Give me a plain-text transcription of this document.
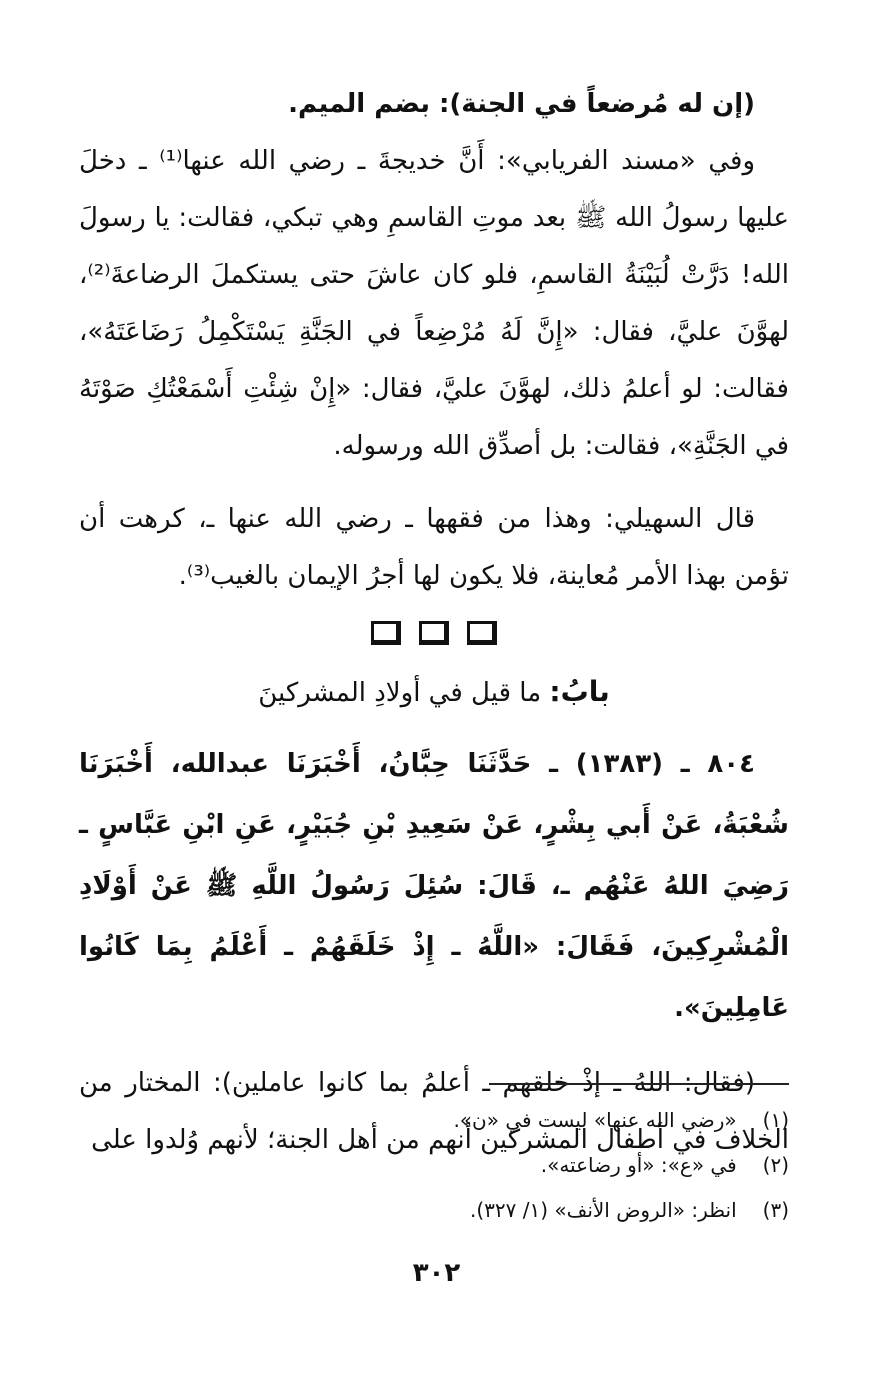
(إن له مُرضعاً في الجنة): بضم الميم.

وفي «مسند الفريابي»: أَنَّ خديجةَ ـ رضي الله عنها⁽¹⁾ ـ دخلَ عليها رسولُ الله ﷺ بعد موتِ القاسمِ وهي تبكي، فقالت: يا رسولَ الله! دَرَّتْ لُبَيْنَةُ القاسمِ، فلو كان عاشَ حتى يستكملَ الرضاعةَ⁽²⁾، لهوَّنَ عليَّ، فقال: «إِنَّ لَهُ مُرْضِعاً في الجَنَّةِ يَسْتَكْمِلُ رَضَاعَتَهُ»، فقالت: لو أعلمُ ذلك، لهوَّنَ عليَّ، فقال: «إِنْ شِئْتِ أَسْمَعْتُكِ صَوْتَهُ في الجَنَّةِ»، فقالت: بل أصدِّق الله ورسوله.

قال السهيلي: وهذا من فقهها ـ رضي الله عنها ـ، كرهت أن تؤمن بهذا الأمر مُعاينة، فلا يكون لها أجرُ الإيمان بالغيب⁽³⁾.

بابُ: ما قيل في أولادِ المشركينَ

٨٠٤ ـ (١٣٨٣) ـ حَدَّثَنَا حِبَّانُ، أَخْبَرَنَا عبدالله، أَخْبَرَنَا شُعْبَةُ، عَنْ أَبي بِشْرٍ، عَنْ سَعِيدِ بْنِ جُبَيْرٍ، عَنِ ابْنِ عَبَّاسٍ ـ رَضِيَ اللهُ عَنْهُم ـ، قَالَ: سُئِلَ رَسُولُ اللَّهِ ﷺ عَنْ أَوْلَادِ الْمُشْرِكِينَ، فَقَالَ: «اللَّهُ ـ إِذْ خَلَقَهُمْ ـ أَعْلَمُ بِمَا كَانُوا عَامِلِينَ».

(فقال: اللهُ ـ إذْ خلقهم ـ أعلمُ بما كانوا عاملين): المختار من الخلاف في أطفال المشركين أنهم من أهل الجنة؛ لأنهم وُلدوا على

(١) «رضي الله عنها» ليست في «ن».

(٢) في «ع»: «أو رضاعته».

(٣) انظر: «الروض الأنف» (١/ ٣٢٧).

٣٠٢
